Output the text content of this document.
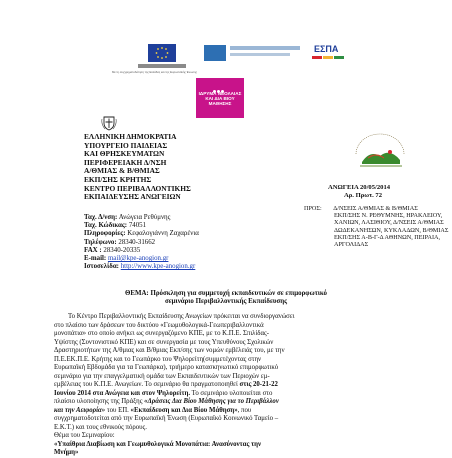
ΕΣΠΑ
Με τη συγχρηματοδότηση της Ελλάδας και της Ευρωπαϊκής Ένωσης
ΙΔΡΥΜΑ ΝΕΟΛΑΙΑΣ ΚΑΙ ΔΙΑ ΒΙΟΥ ΜΑΘΗΣΗΣ
ΕΛΛΗΝΙΚΗ ΔΗΜΟΚΡΑΤΙΑ
ΥΠΟΥΡΓΕΙΟ ΠΑΙΔΕΙΑΣ
ΚΑΙ ΘΡΗΣΚΕΥΜΑΤΩΝ
ΠΕΡΙΦΕΡΕΙΑΚΗ Δ/ΝΣΗ
Α/ΘΜΙΑΣ & Β/ΘΜΙΑΣ
ΕΚΠ/ΣΗΣ ΚΡΗΤΗΣ
ΚΕΝΤΡΟ ΠΕΡΙΒΑΛΛΟΝΤΙΚΗΣ
ΕΚΠΑΙΔΕΥΣΗΣ ΑΝΩΓΕΙΩΝ
ΑΝΩΓΕΙΑ 20/05/2014
Αρ. Πρωτ. 72
ΠΡΟΣ: Δ/ΝΣΕΙΣ Α/ΘΜΙΑΣ & Β/ΘΜΙΑΣ
ΕΚΠ/ΣΗΣ Ν. ΡΕΘΥΜΝΗΣ, ΗΡΑΚΛΕΙΟΥ,
ΧΑΝΙΩΝ, ΛΑΣΙΘΙΟΥ, Δ/ΝΣΕΙΣ Α/ΘΜΙΑΣ
ΔΩΔΕΚΑΝΗΣΩΝ, ΚΥΚΛΑΔΩΝ, Β/ΘΜΙΑΣ
ΕΚΠ/ΣΗΣ Α-Β-Γ-Δ ΑΘΗΝΩΝ, ΠΕΙΡΑΙΑ,
ΑΡΓΟΛΙΔΑΣ
Ταχ. Δ/νση: Ανώγεια Ρεθύμνης
Ταχ. Κώδικας: 74051
Πληροφορίες: Κεφαλογιάννη Ζαχαρένια
Τηλέφωνο: 28340-31662
FAX : 28340-20335
E-mail: mail@kpe-anogion.gr
Ιστοσελίδα: http://www.kpe-anogion.gr
ΘΕΜΑ: Πρόσκληση για συμμετοχή εκπαιδευτικών σε επιμορφωτικό
σεμινάριο Περιβαλλοντικής Εκπαίδευσης
Το Κέντρο Περιβαλλοντικής Εκπαίδευσης Ανωγείων πρόκειται να συνδιοργανώσει
στο πλαίσιο των δράσεων του δικτύου «Γεωμυθολογικά-Γεωπεριβαλλοντικά
μονοπάτια» στο οποίο ανήκει ως συνεργαζόμενο ΚΠΕ, με το Κ.Π.Ε. Σπιλίδας-
Υψίστης (Συντονιστικό ΚΠΕ) και σε συνεργασία με τους Υπευθύνους Σχολικών
Δραστηριοτήτων της Α/θμιας και Β/θμιας Εκπ/σης των νομών εμβέλειάς του, με την
Π.Ε.ΕΚ.Π.Ε. Κρήτης και το Γεωπάρκο του Ψηλορείτη(συμμετέχοντας στην
Ευρωπαϊκή Εβδομάδα για τα Γεωπάρκα), τριήμερο κατασκηνωτικό επιμορφωτικό
σεμινάριο για την επαγγελματική ομάδα των Εκπαιδευτικών των Περιοχών εμ-
εμβέλειας του Κ.Π.Ε. Ανωγείων. Το σεμινάριο θα πραγματοποιηθεί στις 20-21-22
Ιουνίου 2014 στα Ανώγεια και στον Ψηλορείτη. Το σεμινάριο υλοποιείται στο
πλαίσιο υλοποίησης της Πράξης «Δράσεις Δια Βίου Μάθησης για το Περιβάλλον
και την Αειφορία» του ΕΠ. «Εκπαίδευση και Δια Βίου Μάθηση», που
συγχρηματοδοτείται από την Ευρωπαϊκή Ένωση (Ευρωπαϊκό Κοινωνικό Ταμείο –
Ε.Κ.Τ.) και τους εθνικούς πόρους.
Θέμα του Σεμιναρίου:
«Υπαίθρια Διαβίωση και Γεωμυθολογικά Μονοπάτια: Ανασύνοντας την
Μνήμη»
